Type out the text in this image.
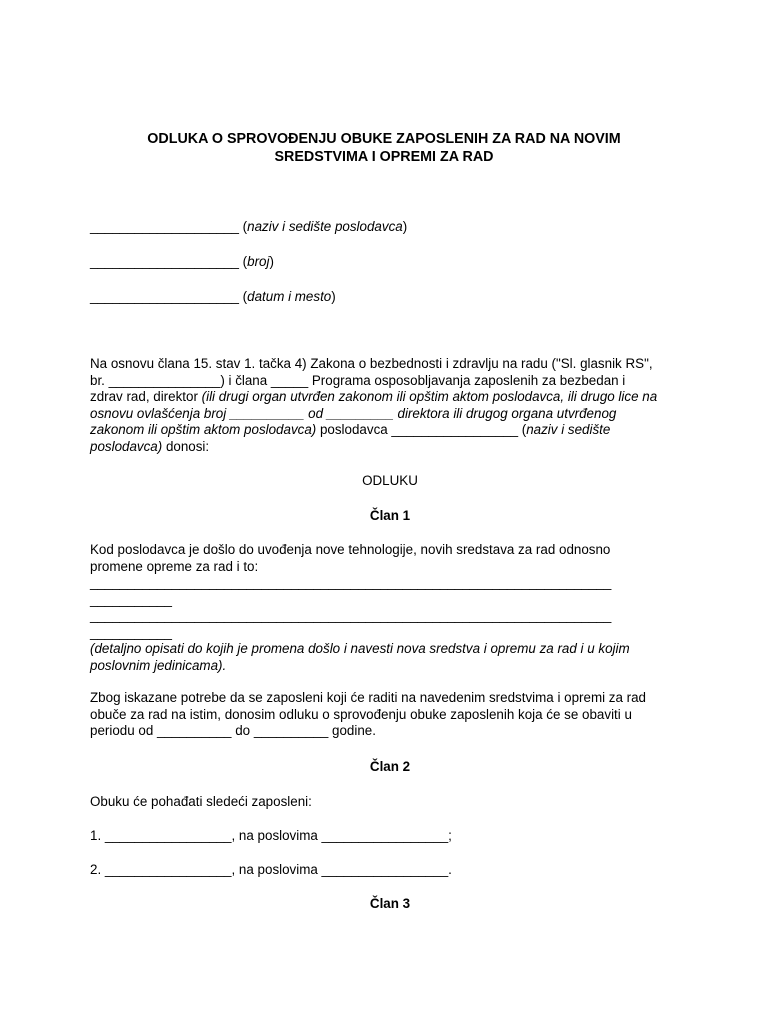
ODLUKA O SPROVOĐENJU OBUKE ZAPOSLENIH ZA RAD NA NOVIM
SREDSTVIMA I OPREMI ZA RAD
____________________ (naziv i sedište poslodavca)
____________________ (broj)
____________________ (datum i mesto)
Na osnovu člana 15. stav 1. tačka 4) Zakona o bezbednosti i zdravlju na radu ("Sl. glasnik RS",
br. _______________) i člana _____ Programa osposobljavanja zaposlenih za bezbedan i
zdrav rad, direktor (ili drugi organ utvrđen zakonom ili opštim aktom poslodavca, ili drugo lice na
osnovu ovlašćenja broj __________ od _________ direktora ili drugog organa utvrđenog
zakonom ili opštim aktom poslodavca) poslodavca _________________ (naziv i sedište
poslodavca) donosi:
ODLUKU
Član 1
Kod poslodavca je došlo do uvođenja nove tehnologije, novih sredstava za rad odnosno
promene opreme za rad i to:
______________________________________________________________________
___________
______________________________________________________________________
___________
(detaljno opisati do kojih je promena došlo i navesti nova sredstva i opremu za rad i u kojim
poslovnim jedinicama).
Zbog iskazane potrebe da se zaposleni koji će raditi na navedenim sredstvima i opremi za rad
obuče za rad na istim, donosim odluku o sprovođenju obuke zaposlenih koja će se obaviti u
periodu od __________ do __________ godine.
Član 2
Obuku će pohađati sledeći zaposleni:
1. _________________, na poslovima _________________;
2. _________________, na poslovima _________________.
Član 3
